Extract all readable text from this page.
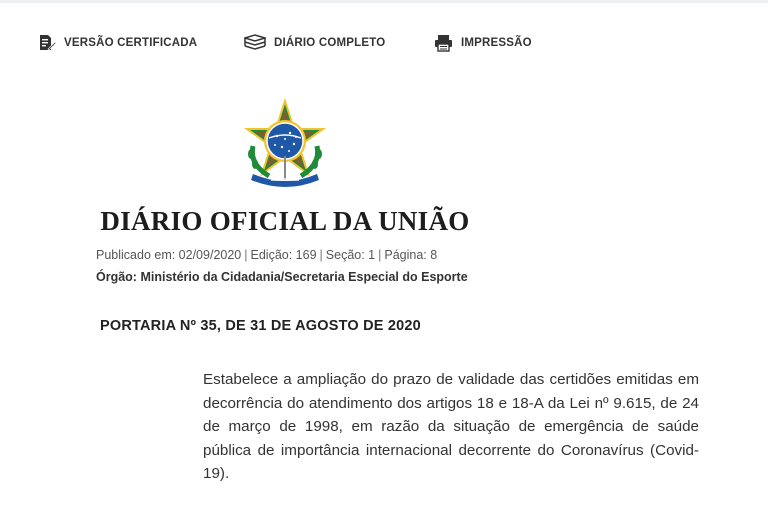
VERSÃO CERTIFICADA	DIÁRIO COMPLETO	IMPRESSÃO
DIÁRIO OFICIAL DA UNIÃO
Publicado em: 02/09/2020 | Edição: 169 | Seção: 1 | Página: 8
Órgão: Ministério da Cidadania/Secretaria Especial do Esporte
PORTARIA Nº 35, DE 31 DE AGOSTO DE 2020
Estabelece a ampliação do prazo de validade das certidões emitidas em decorrência do atendimento dos artigos 18 e 18-A da Lei nº 9.615, de 24 de março de 1998, em razão da situação de emergência de saúde pública de importância internacional decorrente do Coronavírus (Covid-19).
